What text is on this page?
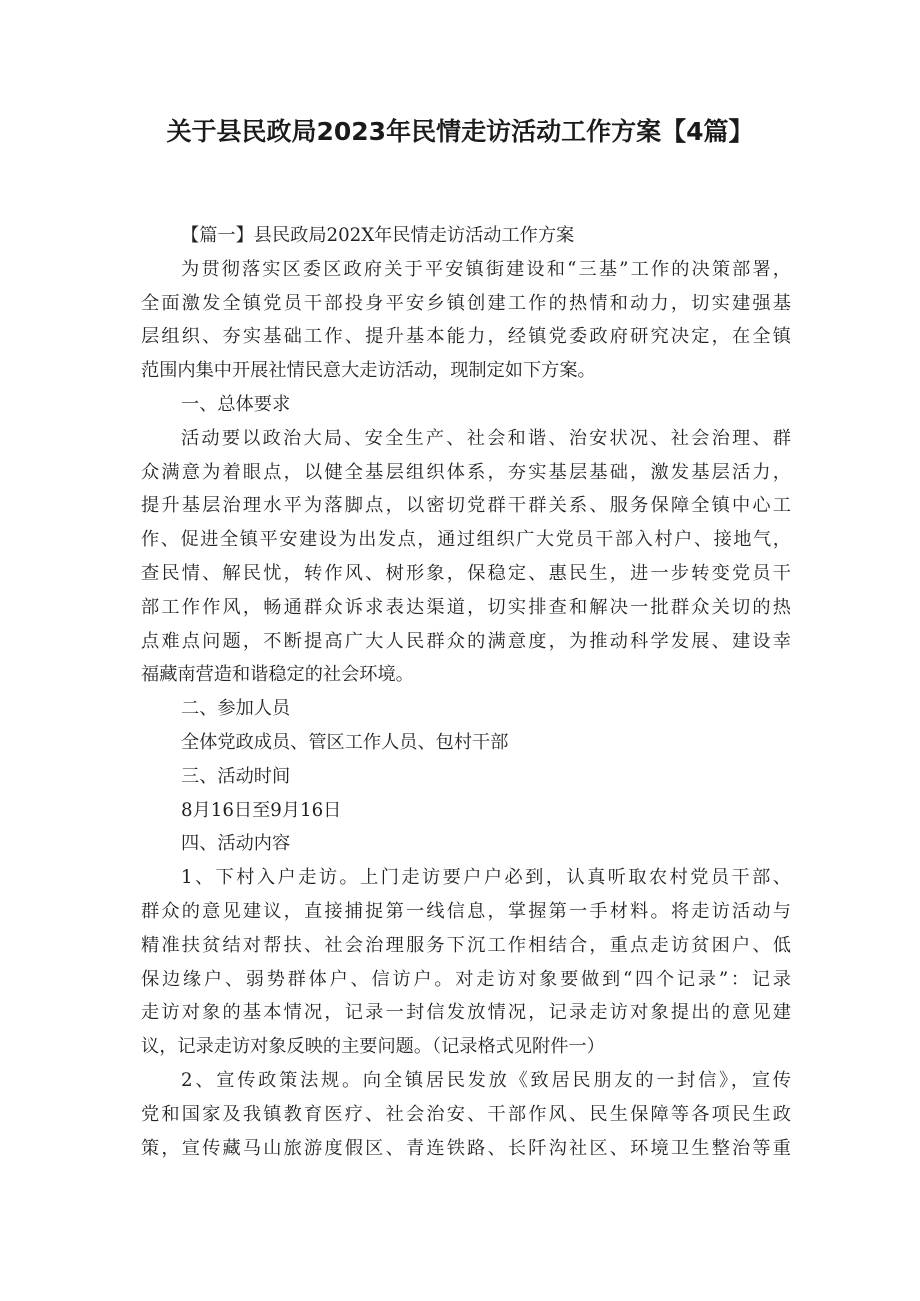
关于县民政局2023年民情走访活动工作方案【4篇】
【篇一】县民政局202X年民情走访活动工作方案
为贯彻落实区委区政府关于平安镇街建设和“三基”工作的决策部署，
全面激发全镇党员干部投身平安乡镇创建工作的热情和动力，切实建强基
层组织、夯实基础工作、提升基本能力，经镇党委政府研究决定，在全镇
范围内集中开展社情民意大走访活动，现制定如下方案。
一、总体要求
活动要以政治大局、安全生产、社会和谐、治安状况、社会治理、群
众满意为着眼点，以健全基层组织体系，夯实基层基础，激发基层活力，
提升基层治理水平为落脚点，以密切党群干群关系、服务保障全镇中心工
作、促进全镇平安建设为出发点，通过组织广大党员干部入村户、接地气，
查民情、解民忧，转作风、树形象，保稳定、惠民生，进一步转变党员干
部工作作风，畅通群众诉求表达渠道，切实排查和解决一批群众关切的热
点难点问题，不断提高广大人民群众的满意度，为推动科学发展、建设幸
福藏南营造和谐稳定的社会环境。
二、参加人员
全体党政成员、管区工作人员、包村干部
三、活动时间
8月16日至9月16日
四、活动内容
1、下村入户走访。上门走访要户户必到，认真听取农村党员干部、
群众的意见建议，直接捕捉第一线信息，掌握第一手材料。将走访活动与
精准扶贫结对帮扶、社会治理服务下沉工作相结合，重点走访贫困户、低
保边缘户、弱势群体户、信访户。对走访对象要做到“四个记录”：记录
走访对象的基本情况，记录一封信发放情况，记录走访对象提出的意见建
议，记录走访对象反映的主要问题。（记录格式见附件一）
2、宣传政策法规。向全镇居民发放《致居民朋友的一封信》，宣传
党和国家及我镇教育医疗、社会治安、干部作风、民生保障等各项民生政
策，宣传藏马山旅游度假区、青连铁路、长阡沟社区、环境卫生整治等重
